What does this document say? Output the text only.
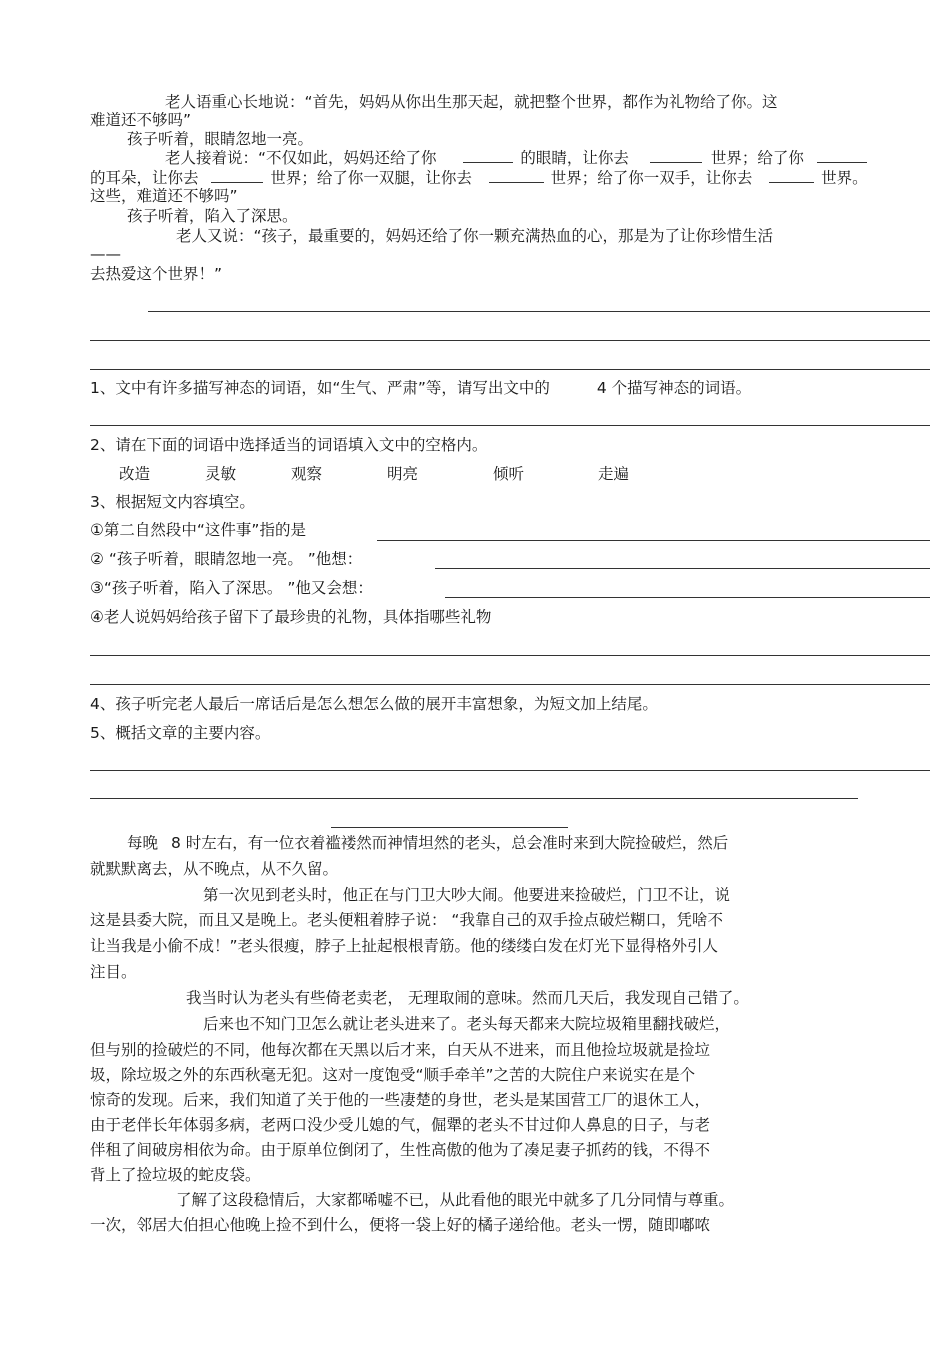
老人语重心长地说：“首先，妈妈从你出生那天起，就把整个世界，都作为礼物给了你。这
难道还不够吗”
孩子听着，眼睛忽地一亮。
老人接着说：“不仅如此，妈妈还给了你	的眼睛，让你去	世界；给了你
的耳朵，让你去	世界；给了你一双腿，让你去	世界；给了你一双手，让你去	世界。
这些，难道还不够吗”
孩子听着，陷入了深思。
老人又说：“孩子，最重要的，妈妈还给了你一颗充满热血的心，那是为了让你珍惜生活
——
去热爱这个世界！”
1、文中有许多描写神态的词语，如“生气、严肃”等，请写出文中的	4 个描写神态的词语。
2、请在下面的词语中选择适当的词语填入文中的空格内。
改造	灵敏	观察	明亮	倾听	走遍
3、根据短文内容填空。
①第二自然段中“这件事”指的是
② “孩子听着，眼睛忽地一亮。 ”他想：
③“孩子听着，陷入了深思。 ”他又会想：
④老人说妈妈给孩子留下了最珍贵的礼物，具体指哪些礼物
4、孩子听完老人最后一席话后是怎么想怎么做的展开丰富想象，为短文加上结尾。
5、概括文章的主要内容。
每晚 8 时左右，有一位衣着褴褛然而神情坦然的老头，总会准时来到大院捡破烂，然后
就默默离去，从不晚点，从不久留。
第一次见到老头时，他正在与门卫大吵大闹。他要进来捡破烂，门卫不让，说
这是县委大院，而且又是晚上。老头便粗着脖子说： “我靠自己的双手捡点破烂糊口，凭啥不
让当我是小偷不成！”老头很瘦，脖子上扯起根根青筋。他的缕缕白发在灯光下显得格外引人
注目。
我当时认为老头有些倚老卖老， 无理取闹的意味。然而几天后，我发现自己错了。
后来也不知门卫怎么就让老头进来了。老头每天都来大院垃圾箱里翻找破烂，
但与别的捡破烂的不同，他每次都在天黑以后才来，白天从不进来，而且他捡垃圾就是捡垃
圾，除垃圾之外的东西秋毫无犯。这对一度饱受“顺手牵羊”之苦的大院住户来说实在是个
惊奇的发现。后来，我们知道了关于他的一些凄楚的身世，老头是某国营工厂的退休工人，
由于老伴长年体弱多病，老两口没少受儿媳的气，倔犟的老头不甘过仰人鼻息的日子，与老
伴租了间破房相依为命。由于原单位倒闭了，生性高傲的他为了凑足妻子抓药的钱，不得不
背上了捡垃圾的蛇皮袋。
了解了这段稳情后，大家都唏嘘不已，从此看他的眼光中就多了几分同情与尊重。
一次，邻居大伯担心他晚上捡不到什么，便将一袋上好的橘子递给他。老头一愣，随即嘟哝
